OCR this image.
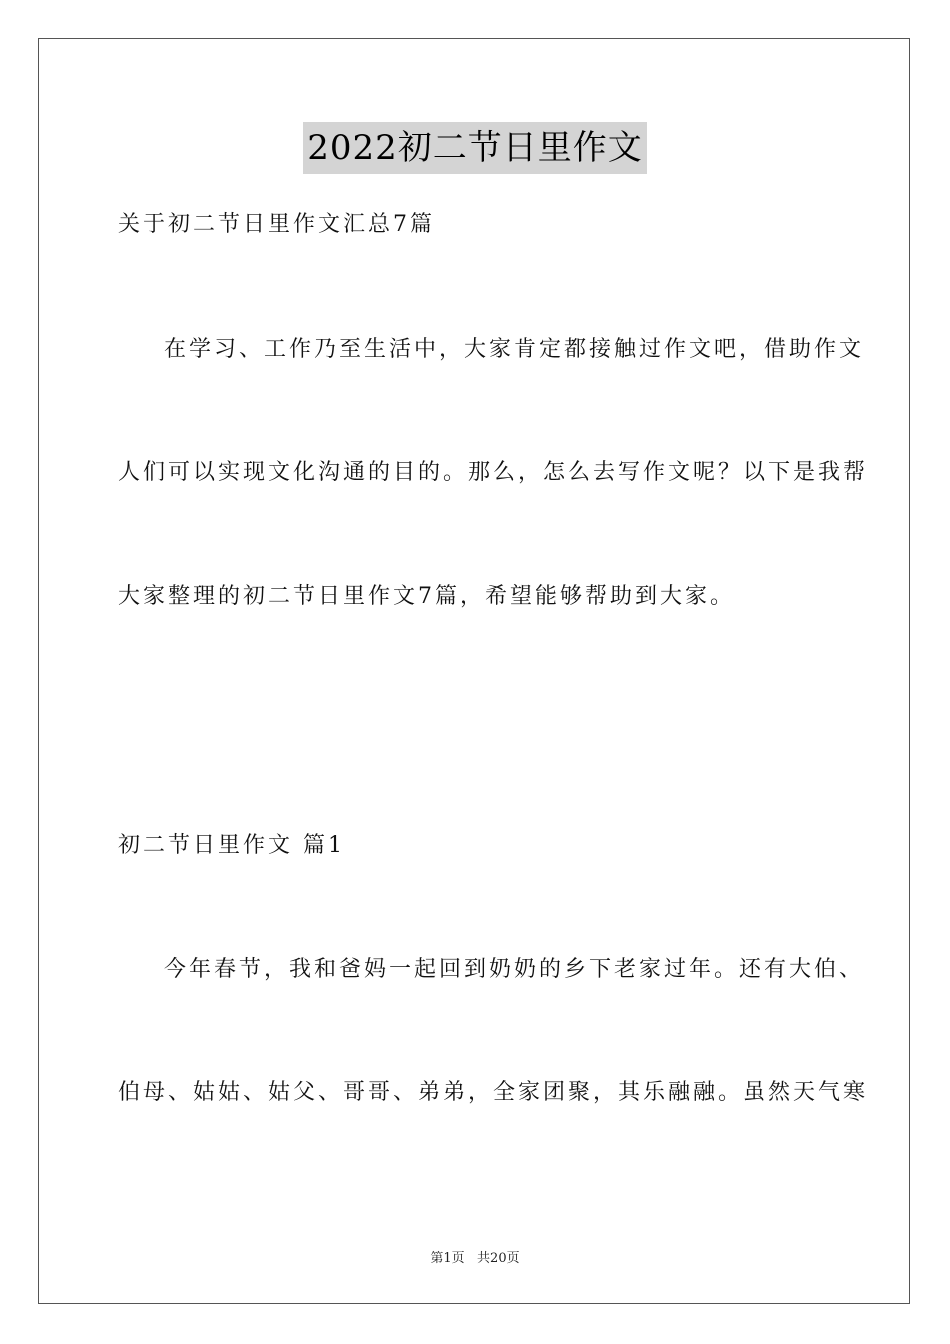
2022初二节日里作文
关于初二节日里作文汇总7篇
在学习、工作乃至生活中，大家肯定都接触过作文吧，借助作文
人们可以实现文化沟通的目的。那么，怎么去写作文呢？以下是我帮
大家整理的初二节日里作文7篇，希望能够帮助到大家。
初二节日里作文 篇1
今年春节，我和爸妈一起回到奶奶的乡下老家过年。还有大伯、
伯母、姑姑、姑父、哥哥、弟弟，全家团聚，其乐融融。虽然天气寒
第1页   共20页
